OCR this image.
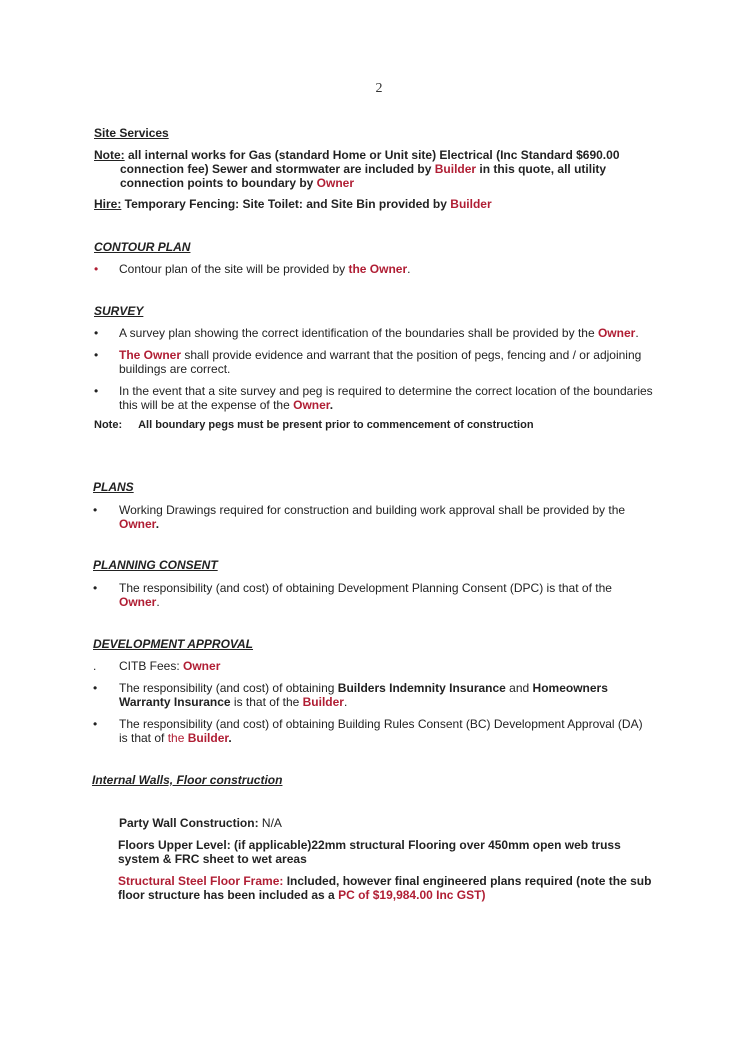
2
Site Services
Note: all internal works for Gas (standard Home or Unit site) Electrical (Inc Standard $690.00
connection fee) Sewer and stormwater are included by Builder in this quote, all utility
connection points to boundary by Owner
Hire: Temporary Fencing: Site Toilet: and Site Bin provided by Builder
CONTOUR PLAN
•	Contour plan of the site will be provided by the Owner.
SURVEY
•	A survey plan showing the correct identification of the boundaries shall be provided by the Owner.
•	The Owner shall provide evidence and warrant that the position of pegs, fencing and / or adjoining
buildings are correct.
•	In the event that a site survey and peg is required to determine the correct location of the boundaries
this will be at the expense of the Owner.
Note: All boundary pegs must be present prior to commencement of construction
PLANS
•	Working Drawings required for construction and building work approval shall be provided by the
Owner.
PLANNING CONSENT
•	The responsibility (and cost) of obtaining Development Planning Consent (DPC) is that of the
Owner.
DEVELOPMENT APPROVAL
.	CITB Fees: Owner
•	The responsibility (and cost) of obtaining Builders Indemnity Insurance and Homeowners
Warranty Insurance is that of the Builder.
•	The responsibility (and cost) of obtaining Building Rules Consent (BC) Development Approval (DA)
is that of the Builder.
Internal Walls, Floor construction
Party Wall Construction: N/A
Floors Upper Level: (if applicable)22mm structural Flooring over 450mm open web truss
system & FRC sheet to wet areas
Structural Steel Floor Frame: Included, however final engineered plans required (note the sub
floor structure has been included as a PC of $19,984.00 Inc GST)
